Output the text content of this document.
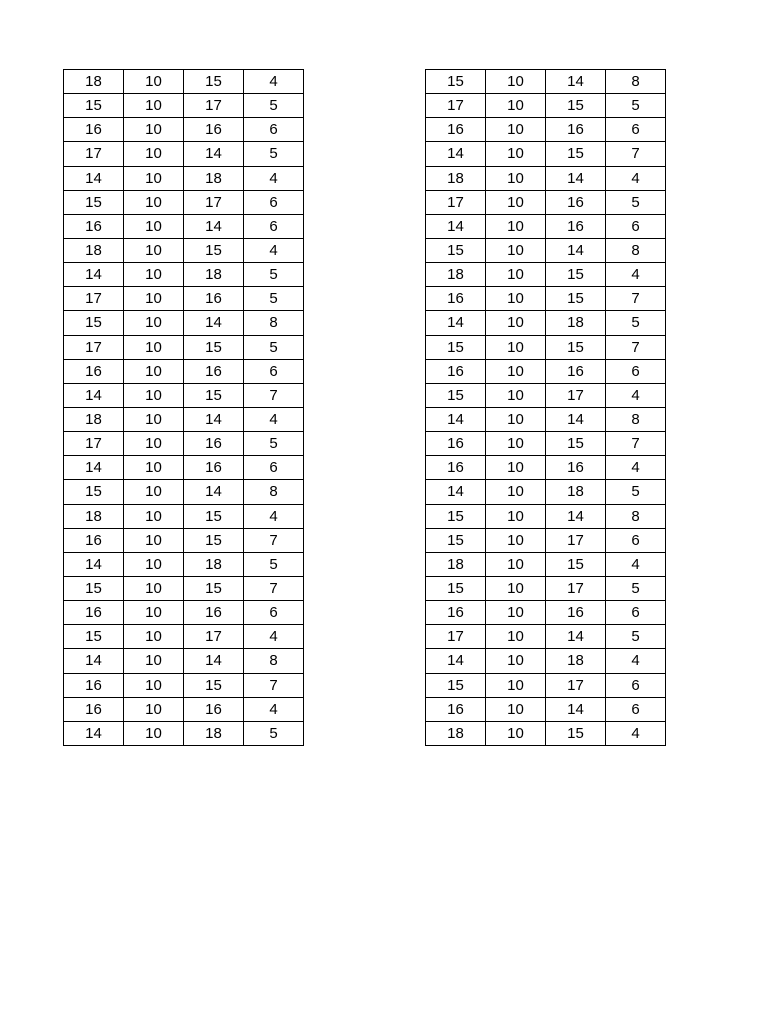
18	10	15	4
15	10	17	5
16	10	16	6
17	10	14	5
14	10	18	4
15	10	17	6
16	10	14	6
18	10	15	4
14	10	18	5
17	10	16	5
15	10	14	8
17	10	15	5
16	10	16	6
14	10	15	7
18	10	14	4
17	10	16	5
14	10	16	6
15	10	14	8
18	10	15	4
16	10	15	7
14	10	18	5
15	10	15	7
16	10	16	6
15	10	17	4
14	10	14	8
16	10	15	7
16	10	16	4
14	10	18	5
15	10	14	8
17	10	15	5
16	10	16	6
14	10	15	7
18	10	14	4
17	10	16	5
14	10	16	6
15	10	14	8
18	10	15	4
16	10	15	7
14	10	18	5
15	10	15	7
16	10	16	6
15	10	17	4
14	10	14	8
16	10	15	7
16	10	16	4
14	10	18	5
15	10	14	8
15	10	17	6
18	10	15	4
15	10	17	5
16	10	16	6
17	10	14	5
14	10	18	4
15	10	17	6
16	10	14	6
18	10	15	4
